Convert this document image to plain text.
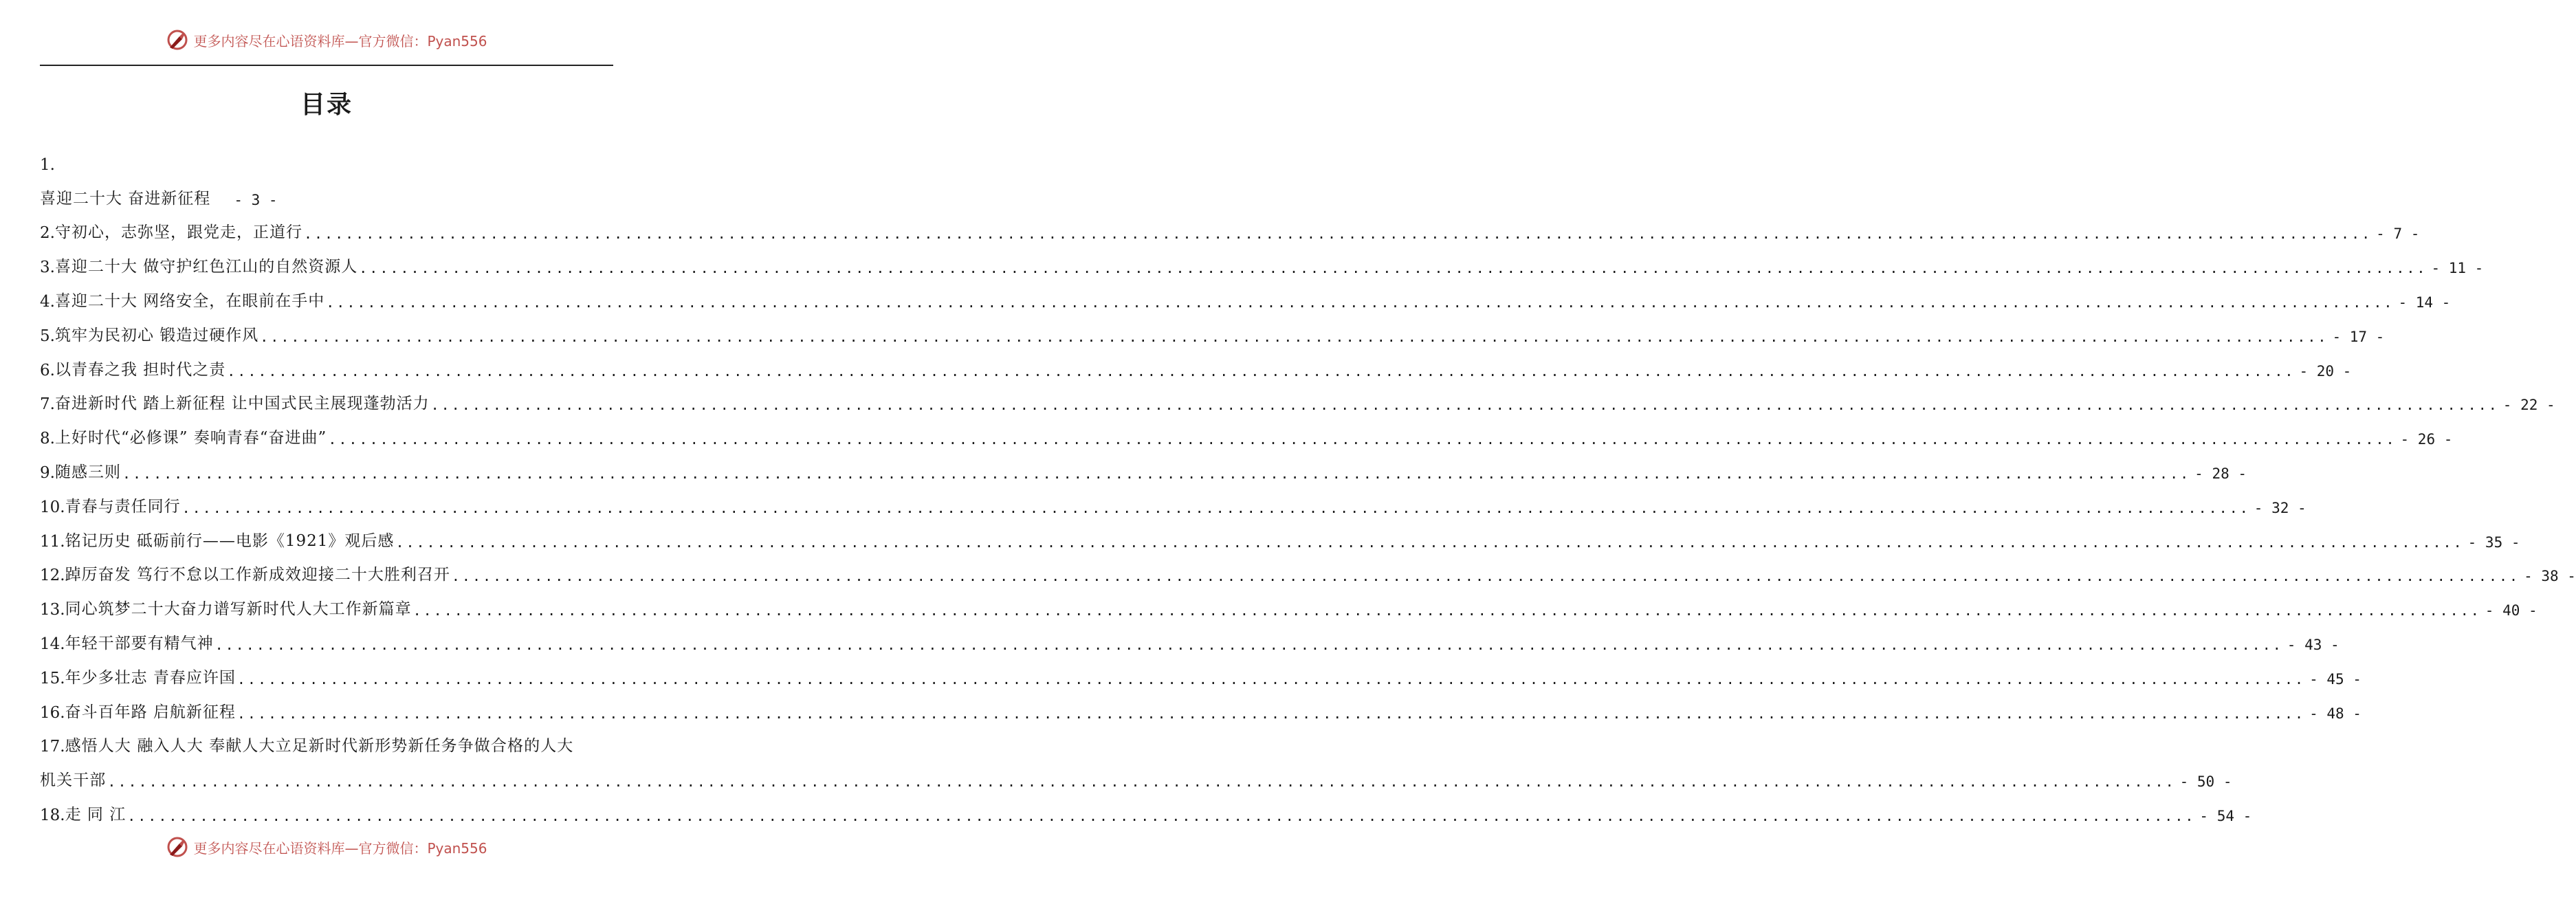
更多内容尽在心语资料库—官方微信：Pyan556
目录
1.
喜迎二十大 奋进新征程 - 3 -
2. 守初心，志弥坚，跟党走，正道行 ........................................................................................................................................................................................................ - 7 -
3. 喜迎二十大 做守护红色江山的自然资源人 ........................................................................................................................................................................................................ - 11 -
4. 喜迎二十大 网络安全，在眼前在手中 ........................................................................................................................................................................................................ - 14 -
5. 筑牢为民初心 锻造过硬作风 ........................................................................................................................................................................................................ - 17 -
6. 以青春之我 担时代之责 ........................................................................................................................................................................................................ - 20 -
7. 奋进新时代 踏上新征程 让中国式民主展现蓬勃活力 ........................................................................................................................................................................................................ - 22 -
8. 上好时代“必修课” 奏响青春“奋进曲” ........................................................................................................................................................................................................ - 26 -
9. 随感三则 ........................................................................................................................................................................................................ - 28 -
10. 青春与责任同行 ........................................................................................................................................................................................................ - 32 -
11. 铭记历史 砥砺前行——电影《1921》观后感 ........................................................................................................................................................................................................ - 35 -
12. 踔厉奋发 笃行不怠以工作新成效迎接二十大胜利召开 ........................................................................................................................................................................................................ - 38 -
13. 同心筑梦二十大奋力谱写新时代人大工作新篇章 ........................................................................................................................................................................................................ - 40 -
14. 年轻干部要有精气神 ........................................................................................................................................................................................................ - 43 -
15. 年少多壮志 青春应许国 ........................................................................................................................................................................................................ - 45 -
16. 奋斗百年路 启航新征程 ........................................................................................................................................................................................................ - 48 -
17. 感悟人大 融入人大 奉献人大立足新时代新形势新任务争做合格的人大
机关干部 ........................................................................................................................................................................................................ - 50 -
18. 走 同 江 ........................................................................................................................................................................................................ - 54 -
更多内容尽在心语资料库—官方微信：Pyan556
